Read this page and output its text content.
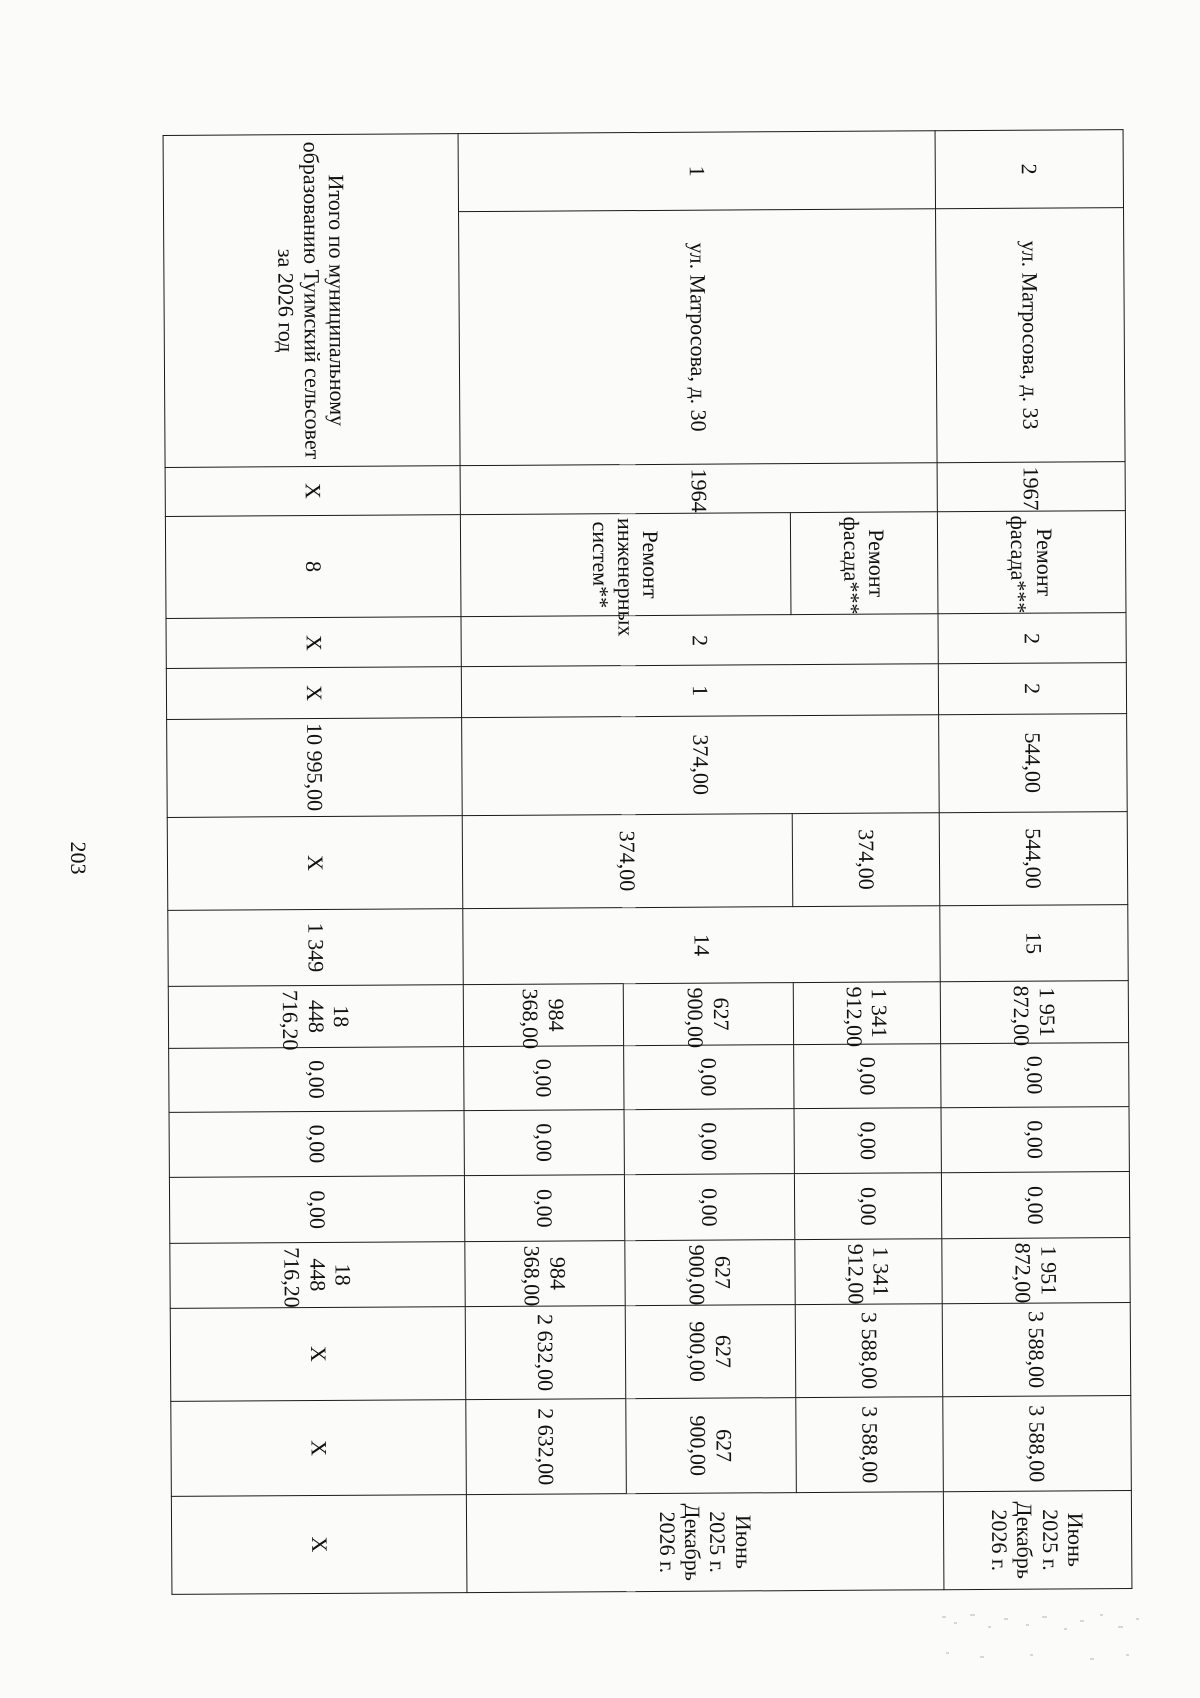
203
2	ул. Матросова, д. 33	1967	Ремонт фасада***	2	2	544,00	544,00	15	1 951 872,00	0,00	0,00	0,00	1 951 872,00	3 588,00	3 588,00	Июнь 2025 г.
Декабрь 2026 г.
1	ул. Матросова, д. 30	1964	Ремонт фасада***	2	1	374,00	374,00	14	1 341 912,00	0,00	0,00	0,00	1 341 912,00	3 588,00	3 588,00	Июнь 2025 г.
Декабрь 2026 г.
			Ремонт инженерных систем**				374,00		627 900,00	0,00	0,00	0,00	627 900,00	627 900,00	627 900,00	
									984 368,00	0,00	0,00	0,00	984 368,00	2 632,00	2 632,00	
Итого по муниципальному образованию Туимский сельсовет за 2026 год		Х	8	Х	Х	10 995,00	Х	1 349	18 448 716,20	0,00	0,00	0,00	18 448 716,20	Х	Х	Х
